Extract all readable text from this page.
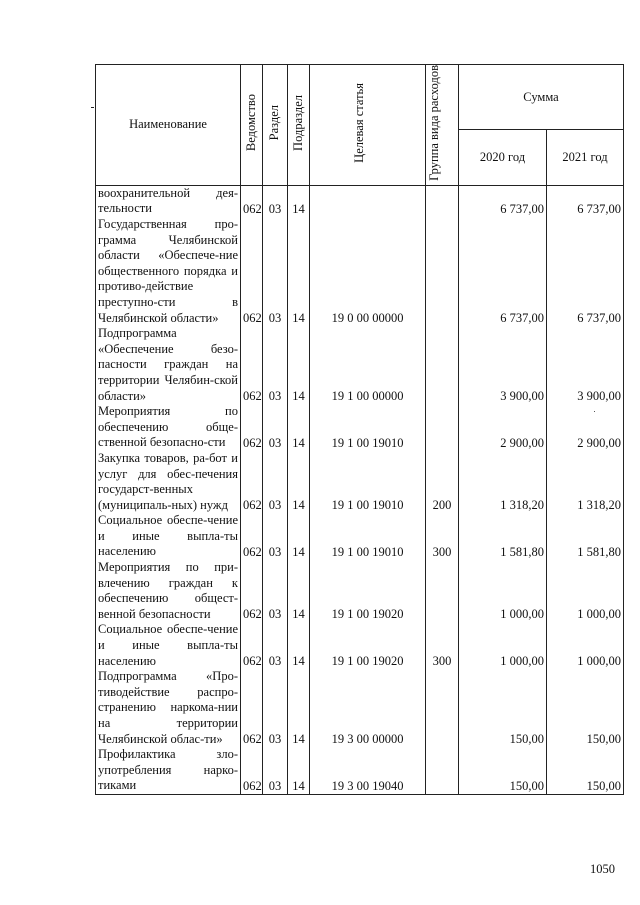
Наименование	Ведомство	Раздел	Подраздел	Целевая статья	Группа вида расходов	Сумма	
						2020 год	2021 год
воохранительной дея-тельности	062	03	14			6 737,00	6 737,00
Государственная про-грамма Челябинской области «Обеспече-ние общественного порядка и противо-действие преступно-сти в Челябинской области»	062	03	14	19 0 00 00000		6 737,00	6 737,00
Подпрограмма «Обеспечение безо-пасности граждан на территории Челябин-ской области»	062	03	14	19 1 00 00000		3 900,00	3 900,00
Мероприятия по обеспечению обще-ственной безопасно-сти	062	03	14	19 1 00 19010		2 900,00	2 900,00
Закупка товаров, ра-бот и услуг для обес-печения государст-венных (муниципаль-ных) нужд	062	03	14	19 1 00 19010	200	1 318,20	1 318,20
Социальное обеспе-чение и иные выпла-ты населению	062	03	14	19 1 00 19010	300	1 581,80	1 581,80
Мероприятия по при-влечению граждан к обеспечению общест-венной безопасности	062	03	14	19 1 00 19020		1 000,00	1 000,00
Социальное обеспе-чение и иные выпла-ты населению	062	03	14	19 1 00 19020	300	1 000,00	1 000,00
Подпрограмма «Про-тиводействие распро-странению наркома-нии на территории Челябинской облас-ти»	062	03	14	19 3 00 00000		150,00	150,00
Профилактика зло-употребления нарко-тиками	062	03	14	19 3 00 19040		150,00	150,00
1050
